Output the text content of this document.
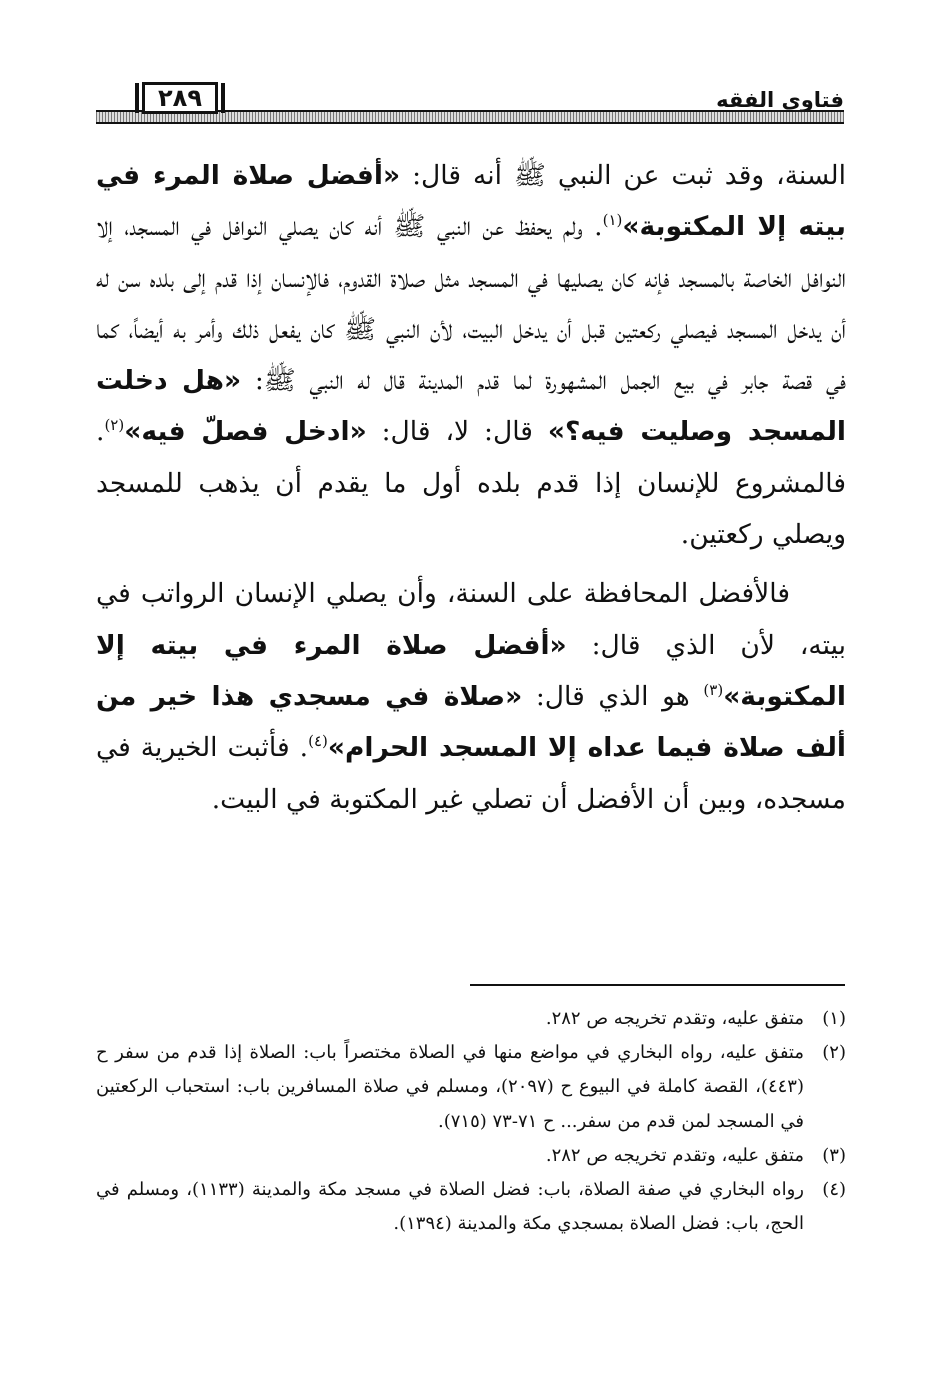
فتاوى الفقه
٢٨٩

السنة، وقد ثبت عن النبي ﷺ أنه قال: «أفضل صلاة المرء في بيته إلا المكتوبة»$^{(١)}$. ولم يحفظ عن النبي ﷺ أنه كان يصلي النوافل في المسجد، إلا النوافل الخاصة بالمسجد فإنه كان يصليها في المسجد مثل صلاة القدوم، فالإنسان إذا قدم إلى بلده سن له أن يدخل المسجد فيصلي ركعتين قبل أن يدخل البيت، لأن النبي ﷺ كان يفعل ذلك وأمر به أيضاً، كما في قصة جابر في بيع الجمل المشهورة لما قدم المدينة قال له النبي ﷺ: «هل دخلت المسجد وصليت فيه؟» قال: لا، قال: «ادخل فصلّ فيه»$^{(٢)}$. فالمشروع للإنسان إذا قدم بلده أول ما يقدم أن يذهب للمسجد ويصلي ركعتين.

فالأفضل المحافظة على السنة، وأن يصلي الإنسان الرواتب في بيته، لأن الذي قال: «أفضل صلاة المرء في بيته إلا المكتوبة»$^{(٣)}$ هو الذي قال: «صلاة في مسجدي هذا خير من ألف صلاة فيما عداه إلا المسجد الحرام»$^{(٤)}$. فأثبت الخيرية في مسجده، وبين أن الأفضل أن تصلي غير المكتوبة في البيت.

(١)متفق عليه، وتقدم تخريجه ص ٢٨٢.
(٢)متفق عليه، رواه البخاري في مواضع منها في الصلاة مختصراً باب: الصلاة إذا قدم من سفر ح (٤٤٣)، القصة كاملة في البيوع ح (٢٠٩٧)، ومسلم في صلاة المسافرين باب: استحباب الركعتين في المسجد لمن قدم من سفر... ح ٧١-٧٣ (٧١٥).
(٣)متفق عليه، وتقدم تخريجه ص ٢٨٢.
(٤)رواه البخاري في صفة الصلاة، باب: فضل الصلاة في مسجد مكة والمدينة (١١٣٣)، ومسلم في الحج، باب: فضل الصلاة بمسجدي مكة والمدينة (١٣٩٤).
